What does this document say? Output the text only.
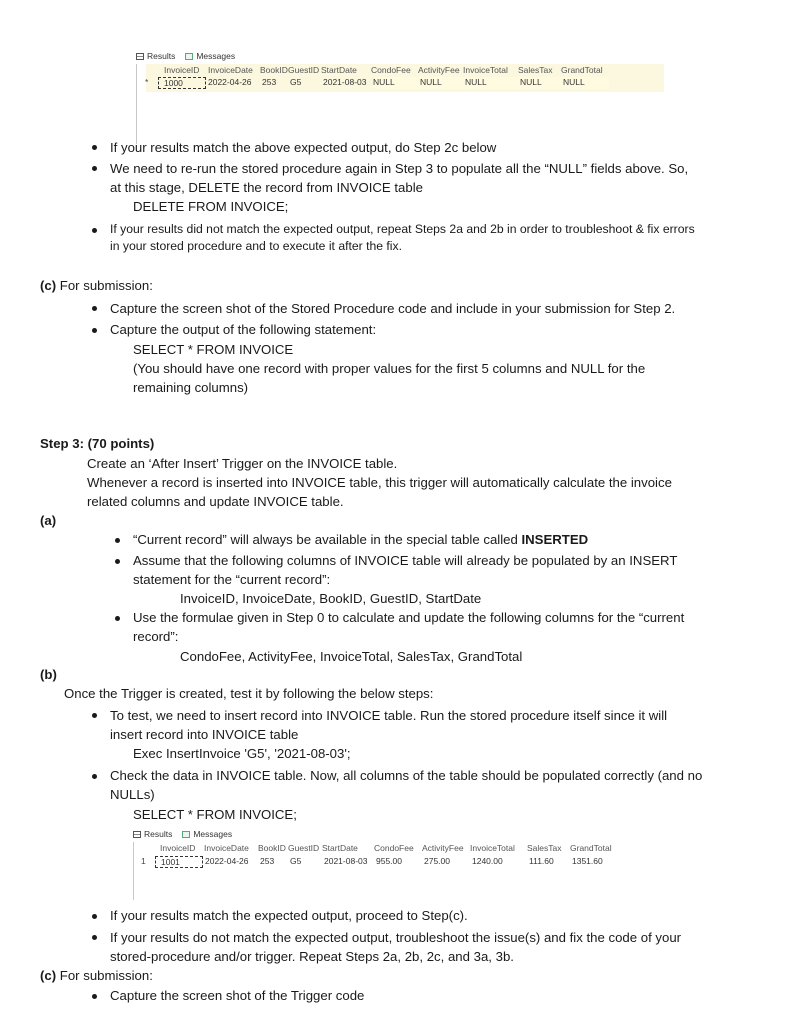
Results Messages
InvoiceID	InvoiceDate BookID GuestID StartDate	CondoFee ActivityFee InvoiceTotal	SalesTax	GrandTotal
*	1000	2022-04-26	253	G5	2021-08-03 NULL	NULL	NULL	NULL	NULL
If your results match the above expected output, do Step 2c below
We need to re-run the stored procedure again in Step 3 to populate all the “NULL” fields above. So,
at this stage, DELETE the record from INVOICE table
DELETE FROM INVOICE;
If your results did not match the expected output, repeat Steps 2a and 2b in order to troubleshoot & fix errors
in your stored procedure and to execute it after the fix.
(c) For submission:
Capture the screen shot of the Stored Procedure code and include in your submission for Step 2.
Capture the output of the following statement:
SELECT * FROM INVOICE
(You should have one record with proper values for the first 5 columns and NULL for the
remaining columns)
Step 3: (70 points)
Create an ‘After Insert’ Trigger on the INVOICE table.
Whenever a record is inserted into INVOICE table, this trigger will automatically calculate the invoice
related columns and update INVOICE table.
(a)
“Current record” will always be available in the special table called INSERTED
Assume that the following columns of INVOICE table will already be populated by an INSERT
statement for the “current record”:
InvoiceID, InvoiceDate, BookID, GuestID, StartDate
Use the formulae given in Step 0 to calculate and update the following columns for the “current
record”:
CondoFee, ActivityFee, InvoiceTotal, SalesTax, GrandTotal
(b)
Once the Trigger is created, test it by following the below steps:
To test, we need to insert record into INVOICE table. Run the stored procedure itself since it will
insert record into INVOICE table
Exec InsertInvoice 'G5', '2021-08-03';
Check the data in INVOICE table. Now, all columns of the table should be populated correctly (and no
NULLs)
SELECT * FROM INVOICE;
Results Messages
InvoiceID	InvoiceDate	BookID GuestID StartDate	CondoFee ActivityFee InvoiceTotal	SalesTax	GrandTotal
1	1001	2022-04-26	253	G5	2021-08-03	955.00	275.00	1240.00	111.60	1351.60
If your results match the expected output, proceed to Step(c).
If your results do not match the expected output, troubleshoot the issue(s) and fix the code of your
stored-procedure and/or trigger. Repeat Steps 2a, 2b, 2c, and 3a, 3b.
(c) For submission:
Capture the screen shot of the Trigger code
